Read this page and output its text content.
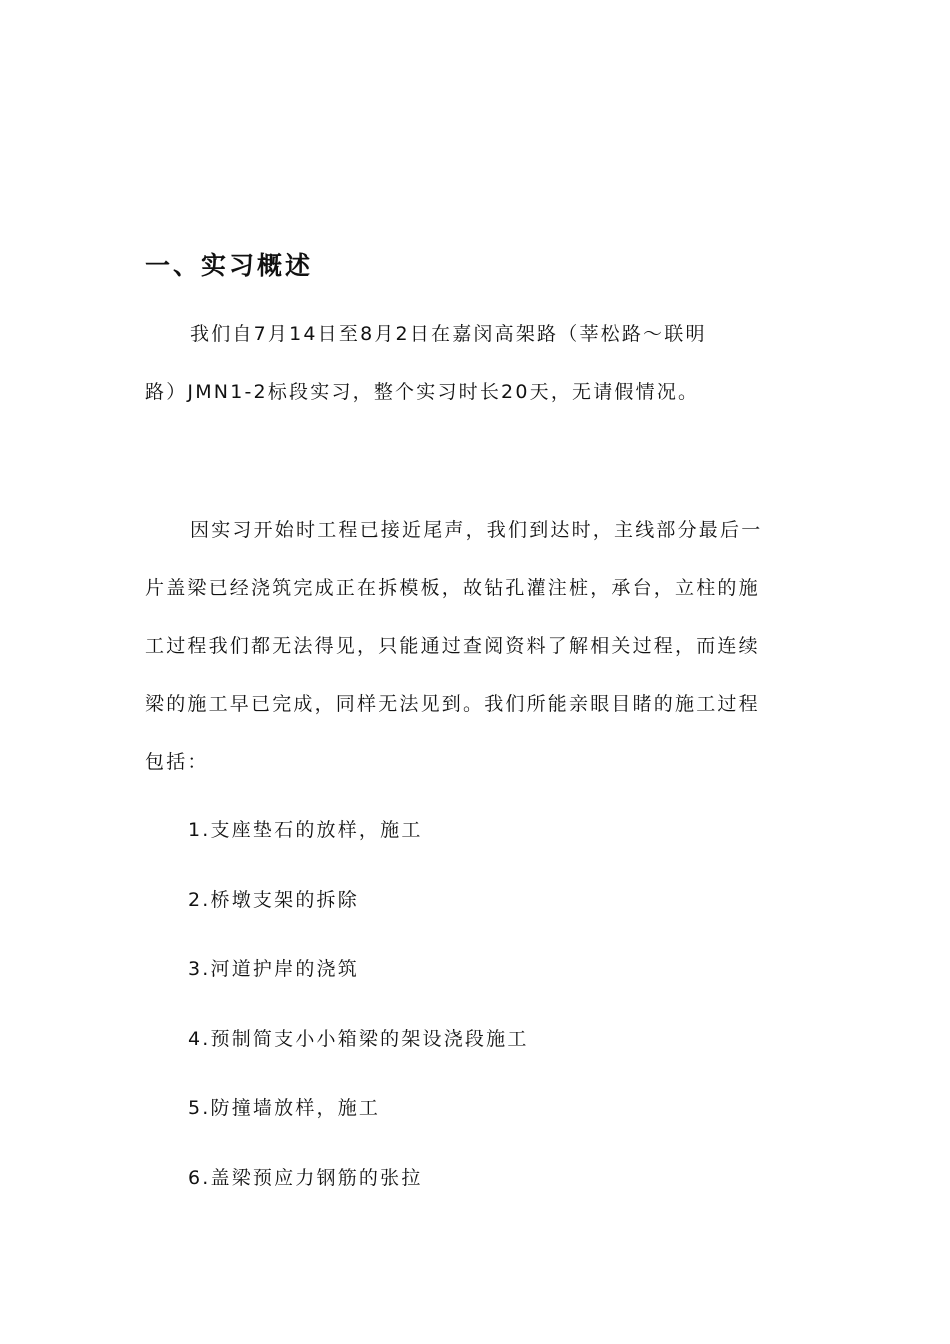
一、实习概述

我们自7月14日至8月2日在嘉闵高架路（莘松路～联明
路）JMN1-2标段实习，整个实习时长20天，无请假情况。

因实习开始时工程已接近尾声，我们到达时，主线部分最后一
片盖梁已经浇筑完成正在拆模板，故钻孔灌注桩，承台，立柱的施
工过程我们都无法得见，只能通过查阅资料了解相关过程，而连续
梁的施工早已完成，同样无法见到。我们所能亲眼目睹的施工过程
包括：

1.支座垫石的放样，施工
2.桥墩支架的拆除
3.河道护岸的浇筑
4.预制简支小小箱梁的架设浇段施工
5.防撞墙放样，施工
6.盖梁预应力钢筋的张拉
